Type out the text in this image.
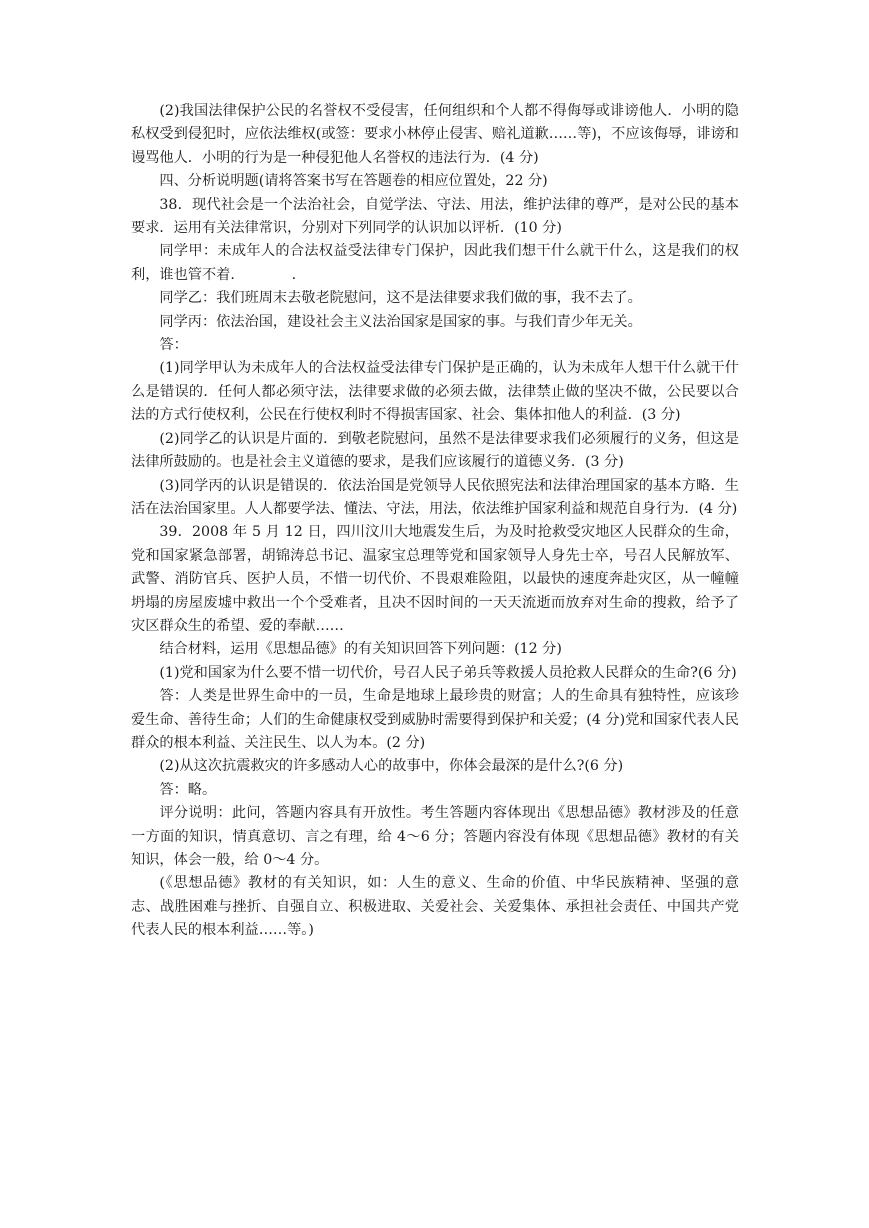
(2)我国法律保护公民的名誉权不受侵害，任何组织和个人都不得侮辱或诽谤他人．小明的隐私权受到侵犯时，应依法维权(或签：要求小林停止侵害、赔礼道歉……等)，不应该侮辱，诽谤和谩骂他人．小明的行为是一种侵犯他人名誉权的违法行为．(4 分)

四、分析说明题(请将答案书写在答题卷的相应位置处，22 分)

38．现代社会是一个法治社会，自觉学法、守法、用法，维护法律的尊严，是对公民的基本要求．运用有关法律常识，分别对下列同学的认识加以评析．(10 分)

同学甲：未成年人的合法权益受法律专门保护，因此我们想干什么就干什么，这是我们的权利，谁也管不着.　　　　.

同学乙：我们班周末去敬老院慰问，这不是法律要求我们做的事，我不去了。

同学丙：依法治国，建设社会主义法治国家是国家的事。与我们青少年无关。

答：

(1)同学甲认为未成年人的合法权益受法律专门保护是正确的，认为未成年人想干什么就干什么是错误的．任何人都必须守法，法律要求做的必须去做，法律禁止做的坚决不做，公民要以合法的方式行使权利，公民在行使权利时不得损害国家、社会、集体扣他人的利益．(3 分)

(2)同学乙的认识是片面的．到敬老院慰问，虽然不是法律要求我们必须履行的义务，但这是法律所鼓励的。也是社会主义道德的要求，是我们应该履行的道德义务．(3 分)

(3)同学丙的认识是错误的．依法治国是党领导人民依照宪法和法律治理国家的基本方略．生活在法治国家里。人人都要学法、懂法、守法，用法，依法维护国家利益和规范自身行为．(4 分)

39．2008 年 5 月 12 日，四川汶川大地震发生后，为及时抢救受灾地区人民群众的生命，党和国家紧急部署，胡锦涛总书记、温家宝总理等党和国家领导人身先士卒，号召人民解放军、武警、消防官兵、医护人员，不惜一切代价、不畏艰难险阻，以最快的速度奔赴灾区，从一幢幢坍塌的房屋废墟中救出一个个受难者，且决不因时间的一天天流逝而放弃对生命的搜救，给予了灾区群众生的希望、爱的奉献……

结合材料，运用《思想品德》的有关知识回答下列问题：(12 分)

(1)党和国家为什么要不惜一切代价，号召人民子弟兵等救援人员抢救人民群众的生命?(6 分)

答：人类是世界生命中的一员，生命是地球上最珍贵的财富；人的生命具有独特性，应该珍爱生命、善待生命；人们的生命健康权受到威胁时需要得到保护和关爱；(4 分)党和国家代表人民群众的根本利益、关注民生、以人为本。(2 分)

(2)从这次抗震救灾的许多感动人心的故事中，你体会最深的是什么?(6 分)

答：略。

评分说明：此问，答题内容具有开放性。考生答题内容体现出《思想品德》教材涉及的任意一方面的知识，情真意切、言之有理，给 4～6 分；答题内容没有体现《思想品德》教材的有关知识，体会一般，给 0～4 分。

(《思想品德》教材的有关知识，如：人生的意义、生命的价值、中华民族精神、坚强的意志、战胜困难与挫折、自强自立、积极进取、关爱社会、关爱集体、承担社会责任、中国共产党代表人民的根本利益……等。)
